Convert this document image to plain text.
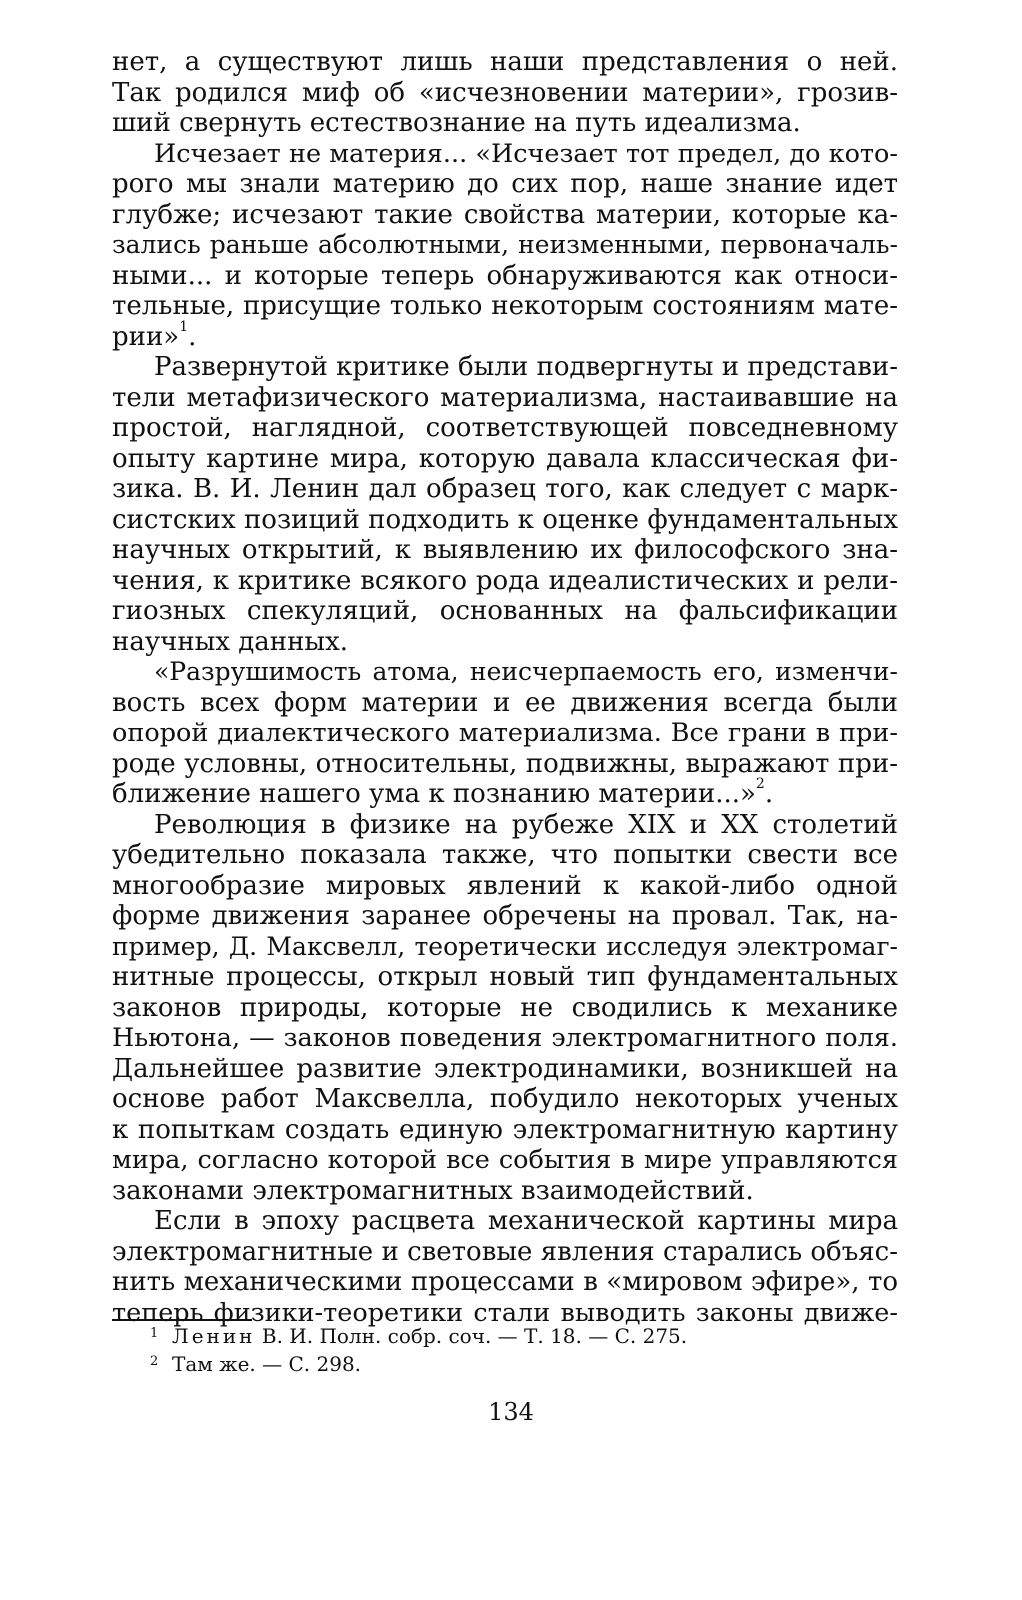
нет, а существуют лишь наши представления о ней.
Так родился миф об «исчезновении материи», грозив-
ший свернуть естествознание на путь идеализма.
Исчезает не материя... «Исчезает тот предел, до кото-
рого мы знали материю до сих пор, наше знание идет
глубже; исчезают такие свойства материи, которые ка-
зались раньше абсолютными, неизменными, первоначаль-
ными... и которые теперь обнаруживаются как относи-
тельные, присущие только некоторым состояниям мате-
рии»$^1$.
Развернутой критике были подвергнуты и представи-
тели метафизического материализма, настаивавшие на
простой, наглядной, соответствующей повседневному
опыту картине мира, которую давала классическая фи-
зика. В. И. Ленин дал образец того, как следует с марк-
систских позиций подходить к оценке фундаментальных
научных открытий, к выявлению их философского зна-
чения, к критике всякого рода идеалистических и рели-
гиозных спекуляций, основанных на фальсификации
научных данных.
«Разрушимость атома, неисчерпаемость его, изменчи-
вость всех форм материи и ее движения всегда были
опорой диалектического материализма. Все грани в при-
роде условны, относительны, подвижны, выражают при-
ближение нашего ума к познанию материи...»$^2$.
Революция в физике на рубеже XIX и XX столетий
убедительно показала также, что попытки свести все
многообразие мировых явлений к какой-либо одной
форме движения заранее обречены на провал. Так, на-
пример, Д. Максвелл, теоретически исследуя электромаг-
нитные процессы, открыл новый тип фундаментальных
законов природы, которые не сводились к механике
Ньютона, — законов поведения электромагнитного поля.
Дальнейшее развитие электродинамики, возникшей на
основе работ Максвелла, побудило некоторых ученых
к попыткам создать единую электромагнитную картину
мира, согласно которой все события в мире управляются
законами электромагнитных взаимодействий.
Если в эпоху расцвета механической картины мира
электромагнитные и световые явления старались объяс-
нить механическими процессами в «мировом эфире», то
теперь физики-теоретики стали выводить законы движе-
1 Ленин В. И. Полн. собр. соч. — Т. 18. — С. 275.
2 Там же. — С. 298.
134
